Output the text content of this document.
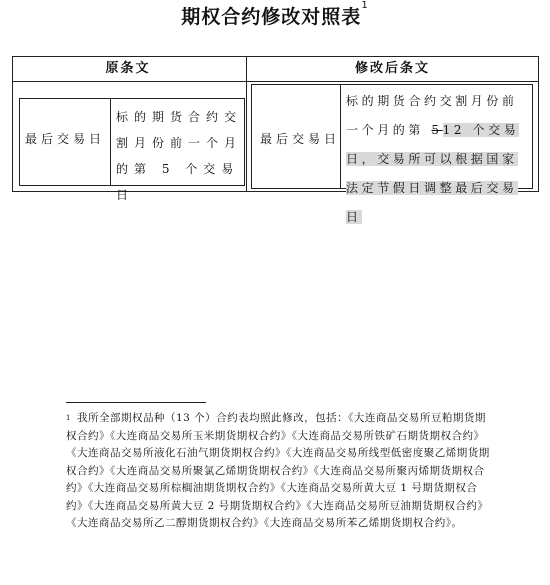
期权合约修改对照表$^1$
原条文	修改后条文
最后交易日
标的期货合约交割月份前一个月的第 5 个交易日
最后交易日
标的期货合约交割月份前一个月的第 512 个交易日，交易所可以根据国家法定节假日调整最后交易日
$^1$ 我所全部期权品种（13 个）合约表均照此修改，包括：《大连商品交易所豆粕期货期权合约》《大连商品交易所玉米期货期权合约》《大连商品交易所铁矿石期货期权合约》《大连商品交易所液化石油气期货期权合约》《大连商品交易所线型低密度聚乙烯期货期权合约》《大连商品交易所聚氯乙烯期货期权合约》《大连商品交易所聚丙烯期货期权合约》《大连商品交易所棕榈油期货期权合约》《大连商品交易所黄大豆 1 号期货期权合约》《大连商品交易所黄大豆 2 号期货期权合约》《大连商品交易所豆油期货期权合约》《大连商品交易所乙二醇期货期权合约》《大连商品交易所苯乙烯期货期权合约》。
